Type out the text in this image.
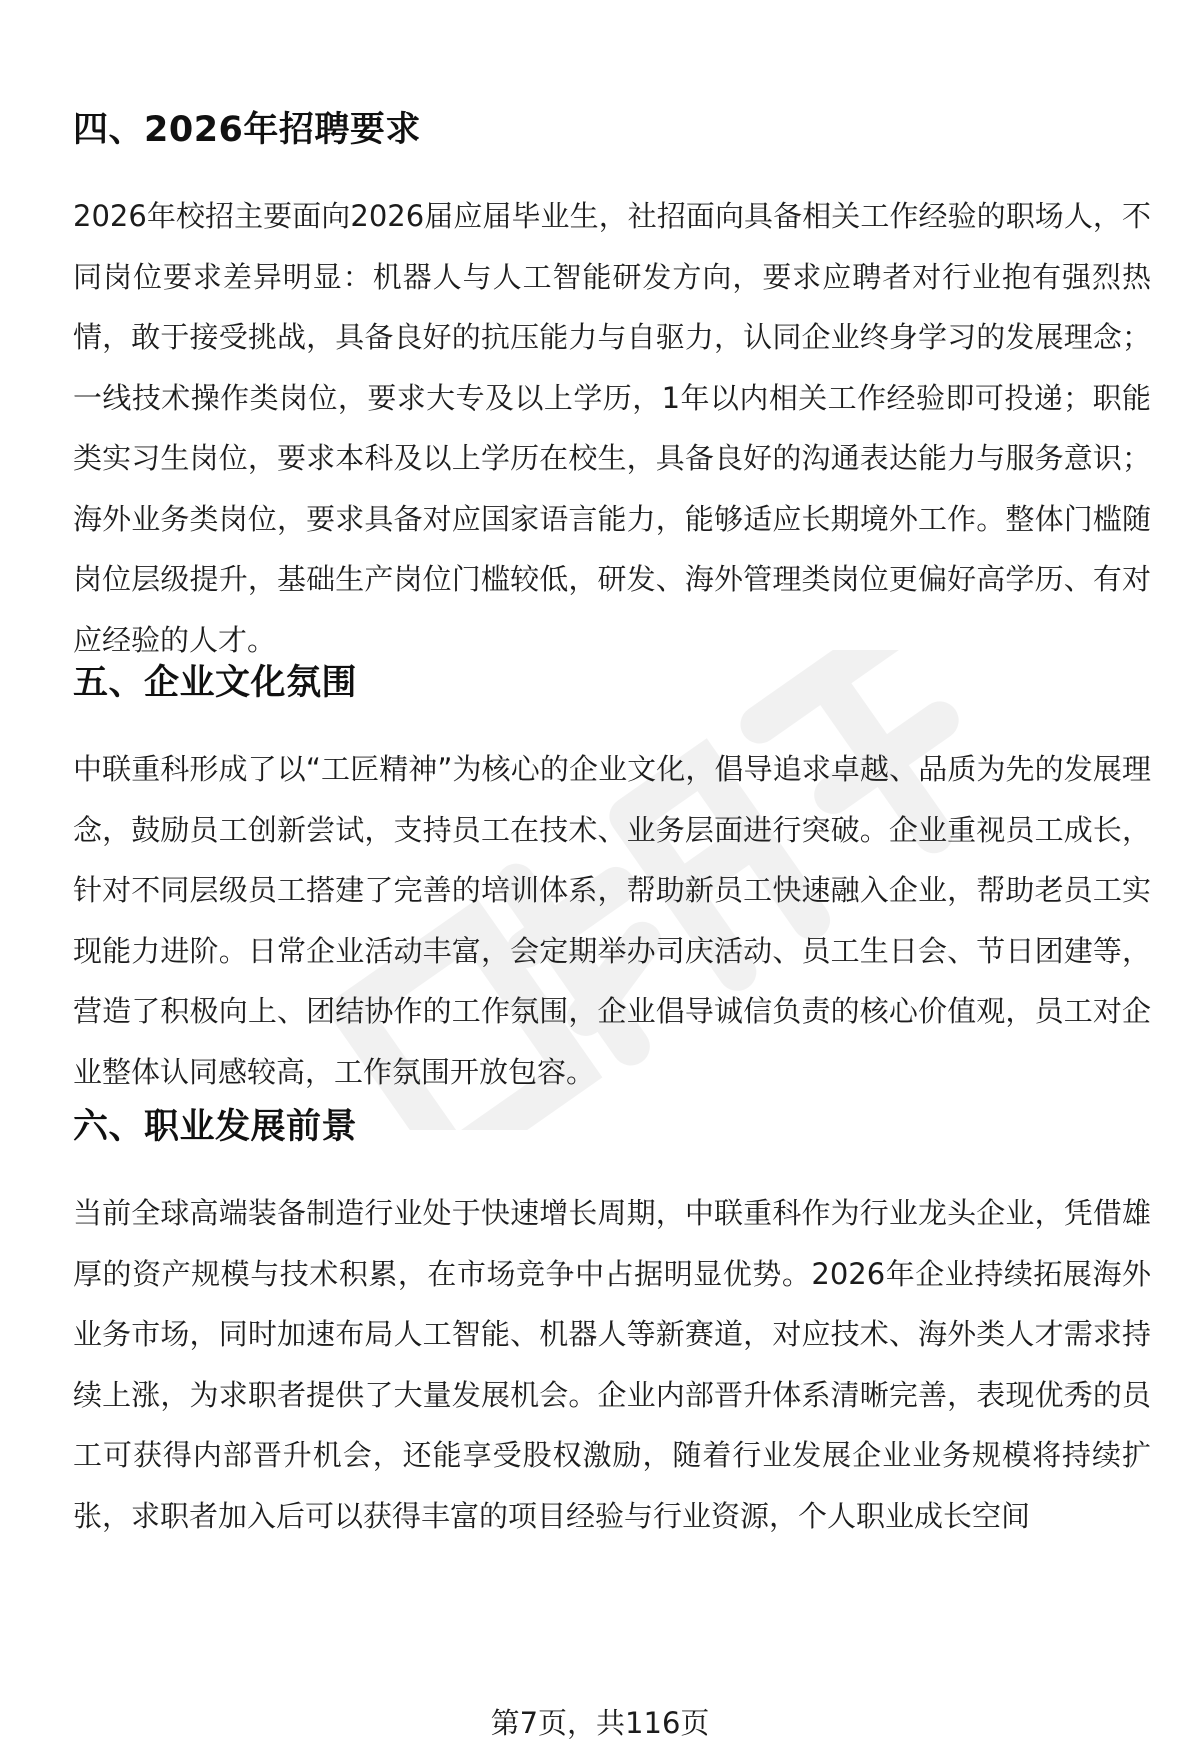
四、2026年招聘要求

2026年校招主要面向2026届应届毕业生，社招面向具备相关工作经验的职场人，不同岗位要求差异明显：机器人与人工智能研发方向，要求应聘者对行业抱有强烈热情，敢于接受挑战，具备良好的抗压能力与自驱力，认同企业终身学习的发展理念；一线技术操作类岗位，要求大专及以上学历，1年以内相关工作经验即可投递；职能类实习生岗位，要求本科及以上学历在校生，具备良好的沟通表达能力与服务意识；海外业务类岗位，要求具备对应国家语言能力，能够适应长期境外工作。整体门槛随岗位层级提升，基础生产岗位门槛较低，研发、海外管理类岗位更偏好高学历、有对应经验的人才。

五、企业文化氛围

中联重科形成了以“工匠精神”为核心的企业文化，倡导追求卓越、品质为先的发展理念，鼓励员工创新尝试，支持员工在技术、业务层面进行突破。企业重视员工成长，针对不同层级员工搭建了完善的培训体系，帮助新员工快速融入企业，帮助老员工实现能力进阶。日常企业活动丰富，会定期举办司庆活动、员工生日会、节日团建等，营造了积极向上、团结协作的工作氛围，企业倡导诚信负责的核心价值观，员工对企业整体认同感较高，工作氛围开放包容。

六、职业发展前景

当前全球高端装备制造行业处于快速增长周期，中联重科作为行业龙头企业，凭借雄厚的资产规模与技术积累，在市场竞争中占据明显优势。2026年企业持续拓展海外业务市场，同时加速布局人工智能、机器人等新赛道，对应技术、海外类人才需求持续上涨，为求职者提供了大量发展机会。企业内部晋升体系清晰完善，表现优秀的员工可获得内部晋升机会，还能享受股权激励，随着行业发展企业业务规模将持续扩张，求职者加入后可以获得丰富的项目经验与行业资源，个人职业成长空间

第7页，共116页
